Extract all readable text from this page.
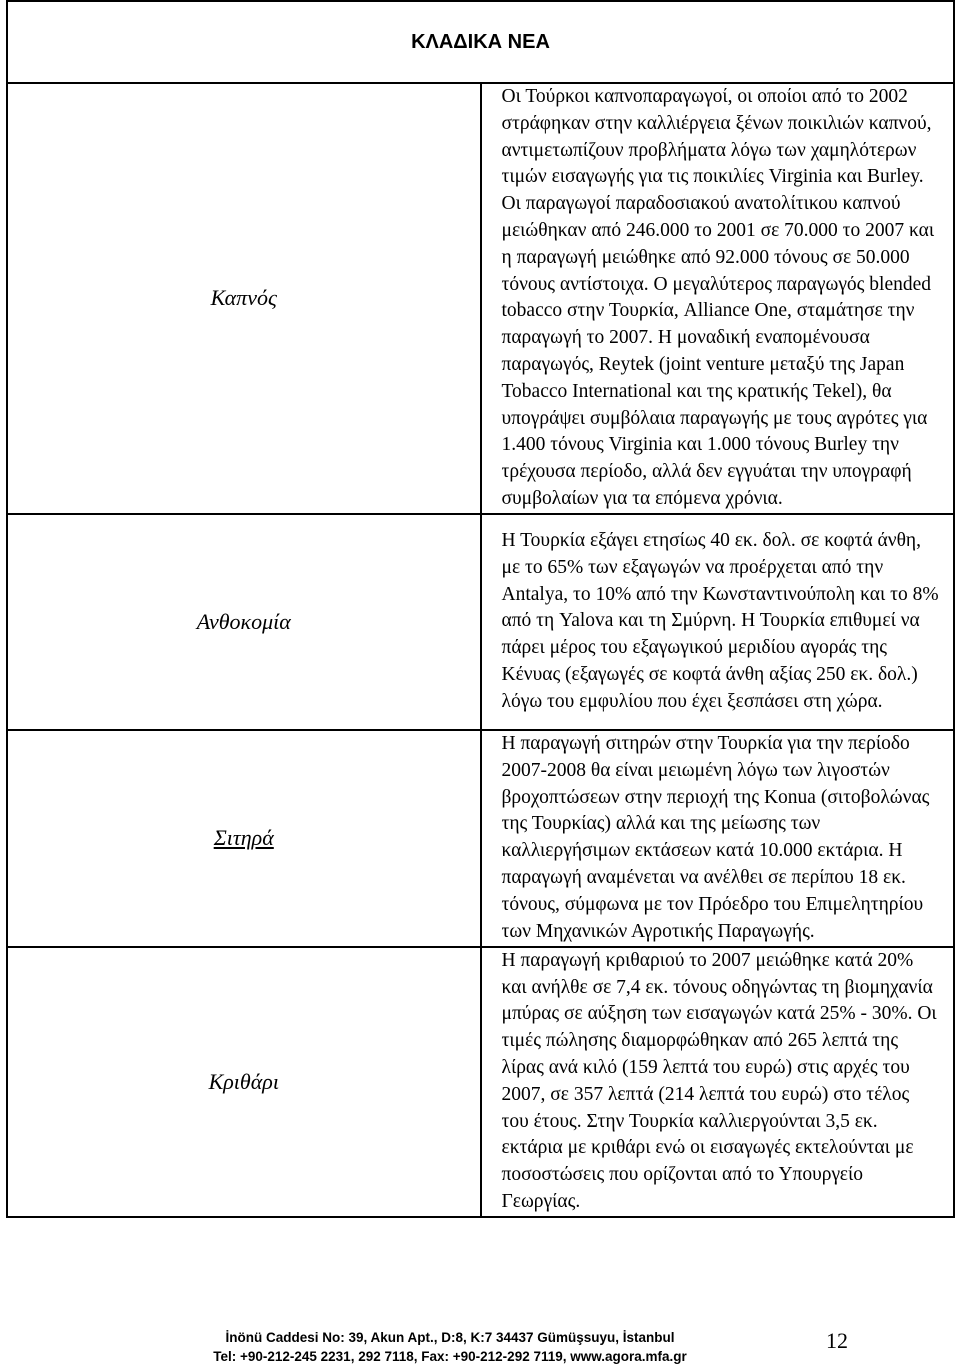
ΚΛΑΔΙΚΑ ΝΕΑ	
Καπνός	Οι Τούρκοι καπνοπαραγωγοί, οι οποίοι από το 2002 στράφηκαν στην καλλιέργεια ξένων ποικιλιών καπνού, αντιμετωπίζουν προβλήματα λόγω των χαμηλότερων τιμών εισαγωγής για τις ποικιλίες Virginia και Burley. Οι παραγωγοί παραδοσιακού ανατολίτικου καπνού μειώθηκαν από 246.000 το 2001 σε 70.000 το 2007 και η παραγωγή μειώθηκε από 92.000 τόνους σε 50.000 τόνους αντίστοιχα. Ο μεγαλύτερος παραγωγός blended tobacco στην Τουρκία, Alliance One, σταμάτησε την παραγωγή το 2007. Η μοναδική εναπομένουσα παραγωγός, Reytek (joint venture μεταξύ της Japan Tobacco International και της κρατικής Tekel), θα υπογράψει συμβόλαια παραγωγής με τους αγρότες για 1.400 τόνους Virginia και 1.000 τόνους Burley την τρέχουσα περίοδο, αλλά δεν εγγυάται την υπογραφή συμβολαίων για τα επόμενα χρόνια.
Ανθοκομία	Η Τουρκία εξάγει ετησίως 40 εκ. δολ. σε κοφτά άνθη, με το 65% των εξαγωγών να προέρχεται από την Antalya, το 10% από την Κωνσταντινούπολη και το 8% από τη Yalova και τη Σμύρνη. Η Τουρκία επιθυμεί να πάρει μέρος του εξαγωγικού μεριδίου αγοράς της Κένυας (εξαγωγές σε κοφτά άνθη αξίας 250 εκ. δολ.) λόγω του εμφυλίου που έχει ξεσπάσει στη χώρα.
Σιτηρά	Η παραγωγή σιτηρών στην Τουρκία για την περίοδο 2007-2008 θα είναι μειωμένη λόγω των λιγοστών βροχοπτώσεων στην περιοχή της Konua (σιτοβολώνας της Τουρκίας) αλλά και της μείωσης των καλλιεργήσιμων εκτάσεων κατά 10.000 εκτάρια. Η παραγωγή αναμένεται να ανέλθει σε περίπου 18 εκ. τόνους, σύμφωνα με τον Πρόεδρο του Επιμελητηρίου των Μηχανικών Αγροτικής Παραγωγής.
Κριθάρι	Η παραγωγή κριθαριού το 2007 μειώθηκε κατά 20% και ανήλθε σε 7,4 εκ. τόνους οδηγώντας τη βιομηχανία μπύρας σε αύξηση των εισαγωγών κατά 25% - 30%. Οι τιμές πώλησης διαμορφώθηκαν από 265 λεπτά της λίρας ανά κιλό (159 λεπτά του ευρώ) στις αρχές του 2007, σε 357 λεπτά (214 λεπτά του ευρώ) στο τέλος του έτους. Στην Τουρκία καλλιεργούνται 3,5 εκ. εκτάρια με κριθάρι ενώ οι εισαγωγές εκτελούνται με ποσοστώσεις που ορίζονται από το Υπουργείο Γεωργίας.
İnönü Caddesi No: 39, Akun Apt., D:8, K:7 34437 Gümüşsuyu, İstanbul
Tel: +90-212-245 2231, 292 7118, Fax: +90-212-292 7119, www.agora.mfa.gr
12
